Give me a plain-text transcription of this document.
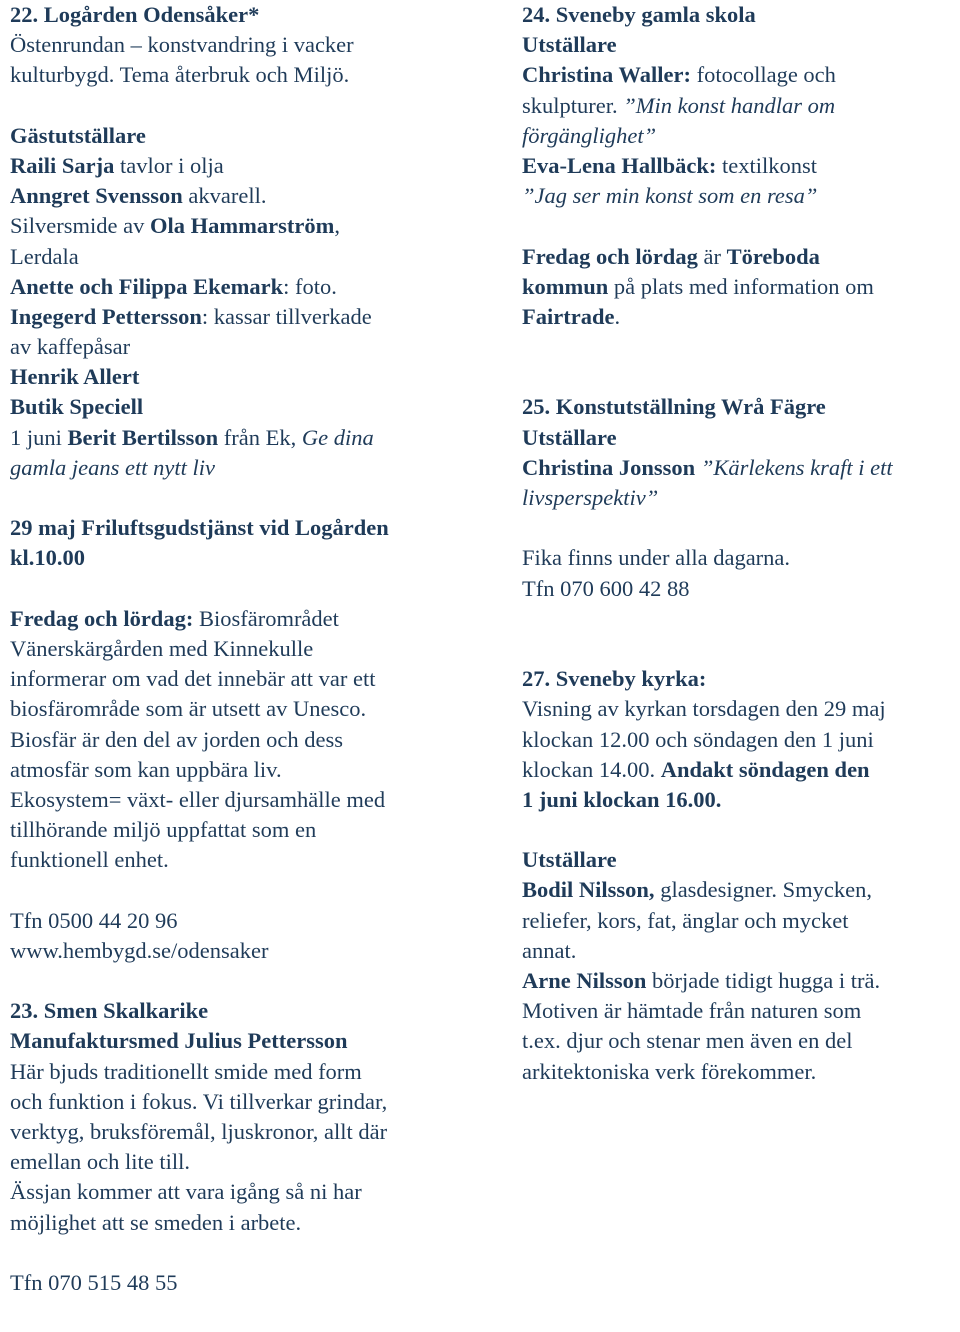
22. Logården Odensåker*
Östenrundan – konstvandring i vacker
kulturbygd. Tema återbruk och Miljö.
Gästutställare
Raili Sarja tavlor i olja
Anngret Svensson akvarell.
Silversmide av Ola Hammarström,
Lerdala
Anette och Filippa Ekemark: foto.
Ingegerd Pettersson: kassar tillverkade
av kaffepåsar
Henrik Allert
Butik Speciell
1 juni Berit Bertilsson från Ek, Ge dina
gamla jeans ett nytt liv
29 maj Friluftsgudstjänst vid Logården
kl.10.00
Fredag och lördag: Biosfärområdet
Vänerskärgården med Kinnekulle
informerar om vad det innebär att var ett
biosfärområde som är utsett av Unesco.
Biosfär är den del av jorden och dess
atmosfär som kan uppbära liv.
Ekosystem= växt- eller djursamhälle med
tillhörande miljö uppfattat som en
funktionell enhet.
Tfn 0500 44 20 96
www.hembygd.se/odensaker
23. Smen Skalkarike
Manufaktursmed Julius Pettersson
Här bjuds traditionellt smide med form
och funktion i fokus. Vi tillverkar grindar,
verktyg, bruksföremål, ljuskronor, allt där
emellan och lite till.
Ässjan kommer att vara igång så ni har
möjlighet att se smeden i arbete.
Tfn 070 515 48 55
24. Sveneby gamla skola
Utställare
Christina Waller: fotocollage och
skulpturer. ”Min konst handlar om
förgänglighet”
Eva-Lena Hallbäck: textilkonst
”Jag ser min konst som en resa”
Fredag och lördag är Töreboda
kommun på plats med information om
Fairtrade.
25. Konstutställning Wrå Fägre
Utställare
Christina Jonsson ”Kärlekens kraft i ett
livsperspektiv”
Fika finns under alla dagarna.
Tfn 070 600 42 88
27. Sveneby kyrka:
Visning av kyrkan torsdagen den 29 maj
klockan 12.00 och söndagen den 1 juni
klockan 14.00. Andakt söndagen den
1 juni klockan 16.00.
Utställare
Bodil Nilsson, glasdesigner. Smycken,
reliefer, kors, fat, änglar och mycket
annat.
Arne Nilsson började tidigt hugga i trä.
Motiven är hämtade från naturen som
t.ex. djur och stenar men även en del
arkitektoniska verk förekommer.
